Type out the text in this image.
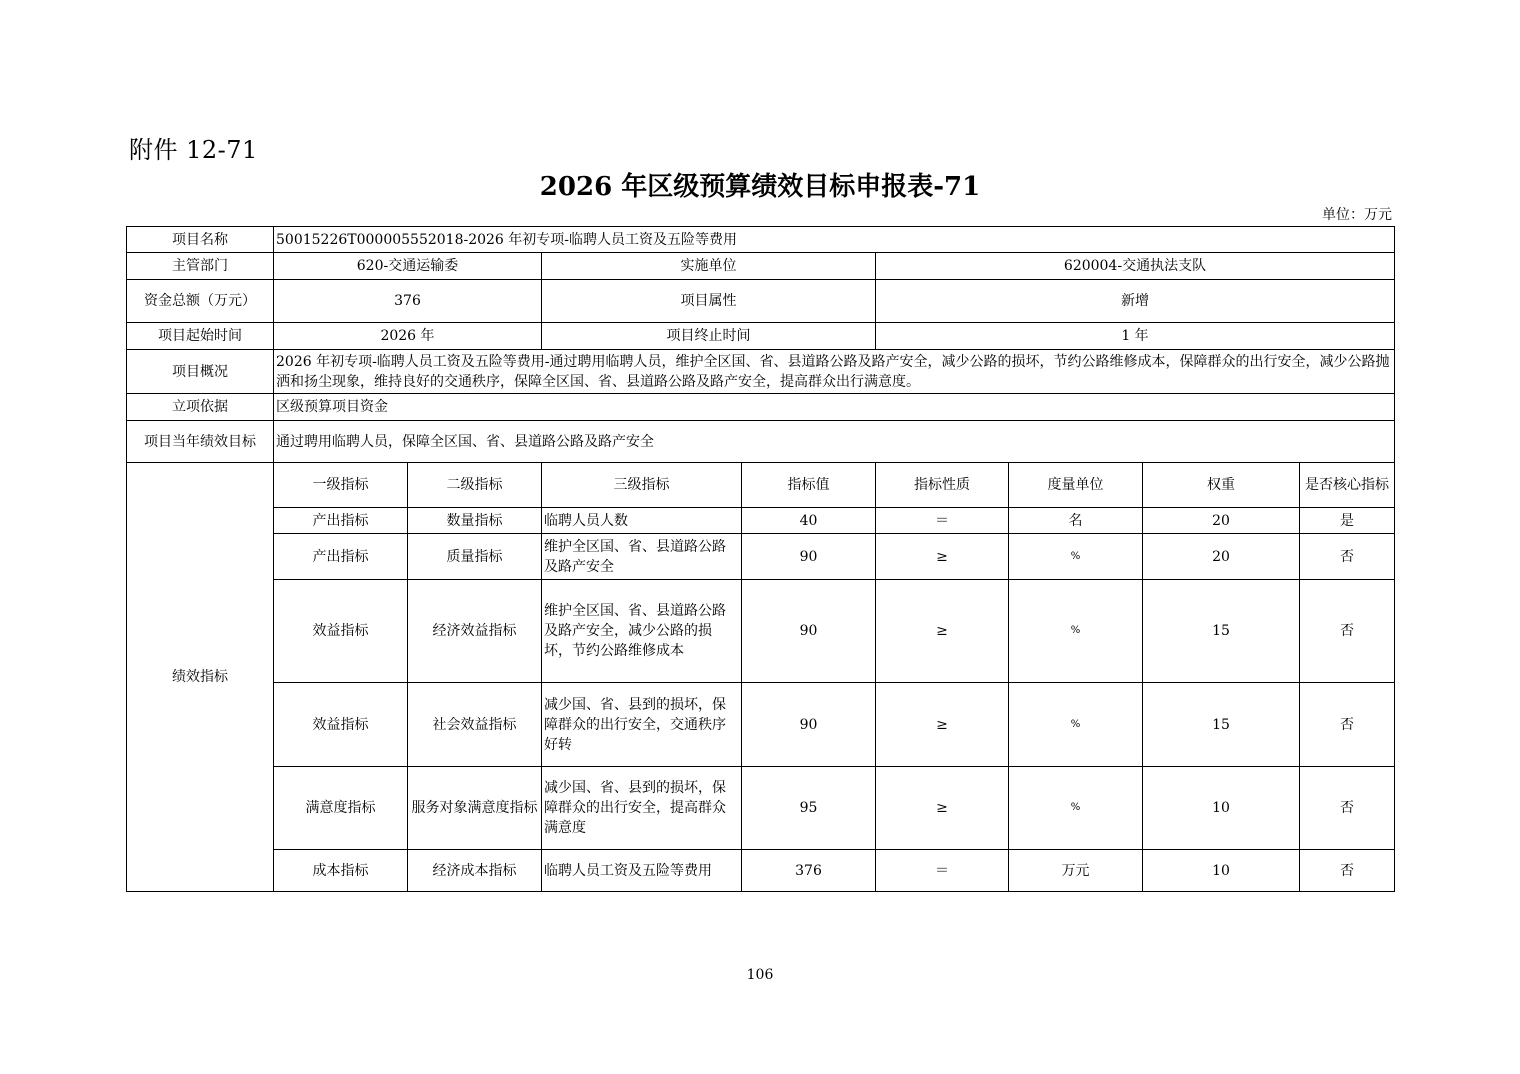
附件 12-71
2026 年区级预算绩效目标申报表-71
单位：万元
项目名称	50015226T000005552018-2026 年初专项-临聘人员工资及五险等费用							
主管部门	620-交通运输委		实施单位		620004-交通执法支队			
资金总额（万元）	376		项目属性		新增			
项目起始时间	2026 年		项目终止时间		1 年			
项目概况	2026 年初专项-临聘人员工资及五险等费用-通过聘用临聘人员，维护全区国、省、县道路公路及路产安全，减少公路的损坏，节约公路维修成本，保障群众的出行安全，减少公路抛洒和扬尘现象，维持良好的交通秩序，保障全区国、省、县道路公路及路产安全，提高群众出行满意度。							
立项依据	区级预算项目资金							
项目当年绩效目标	通过聘用临聘人员，保障全区国、省、县道路公路及路产安全							
绩效指标	一级指标	二级指标	三级指标	指标值	指标性质	度量单位	权重	是否核心指标
	产出指标	数量指标	临聘人员人数	40	＝	名	20	是
	产出指标	质量指标	维护全区国、省、县道路公路及路产安全	90	≥	%	20	否
	效益指标	经济效益指标	维护全区国、省、县道路公路及路产安全，减少公路的损坏，节约公路维修成本	90	≥	%	15	否
	效益指标	社会效益指标	减少国、省、县到的损坏，保障群众的出行安全，交通秩序好转	90	≥	%	15	否
	满意度指标	服务对象满意度指标	减少国、省、县到的损坏，保障群众的出行安全，提高群众满意度	95	≥	%	10	否
	成本指标	经济成本指标	临聘人员工资及五险等费用	376	＝	万元	10	否
106
